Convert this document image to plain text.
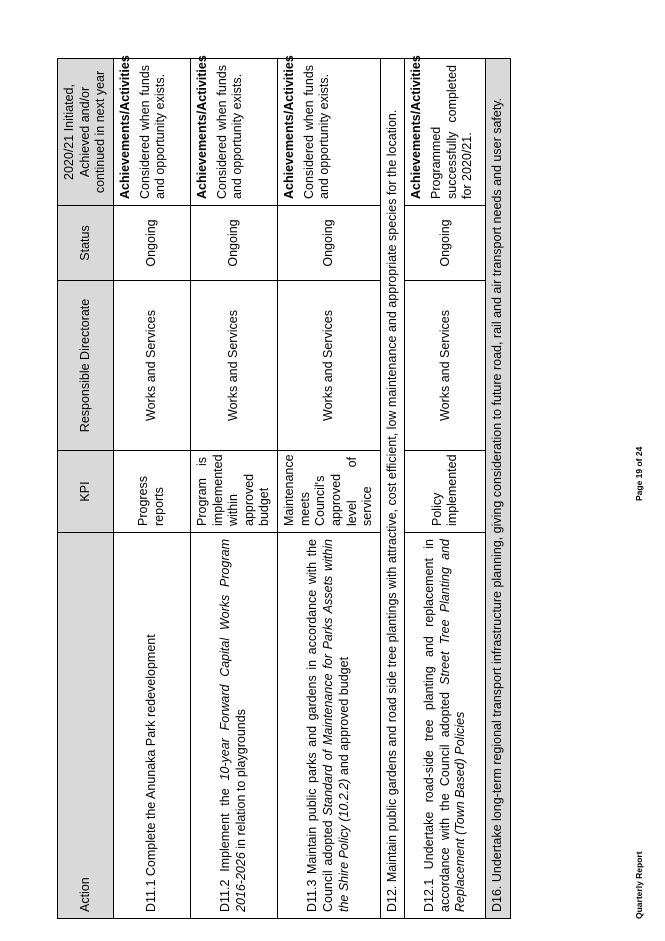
Action	KPI	Responsible Directorate	Status	2020/21 Initiated, Achieved and/or continued in next year

D11.1 Complete the Anunaka Park redevelopment	Progress reports	Works and Services	Ongoing	Achievements/Activities Considered when funds and opportunity exists.

D11.2 Implement the 10-year Forward Capital Works Program 2016-2026 in relation to playgrounds	Program is implemented within approved budget	Works and Services	Ongoing	Achievements/Activities Considered when funds and opportunity exists.

D11.3 Maintain public parks and gardens in accordance with the Council adopted Standard of Maintenance for Parks Assets within the Shire Policy (10.2.2) and approved budget	Maintenance meets Council's approved level of service	Works and Services	Ongoing	Achievements/Activities Considered when funds and opportunity exists.

D12. Maintain public gardens and road side tree plantings with attractive, cost efficient, low maintenance and appropriate species for the location.				

D12.1 Undertake road-side tree planting and replacement in accordance with the Council adopted Street Tree Planting and Replacement (Town Based) Policies	Policy implemented	Works and Services	Ongoing	Achievements/Activities Programmed successfully completed for 2020/21.

D16. Undertake long-term regional transport infrastructure planning, giving consideration to future road, rail and air transport needs and user safety.					Quarterly Report
Page 19 of 24
